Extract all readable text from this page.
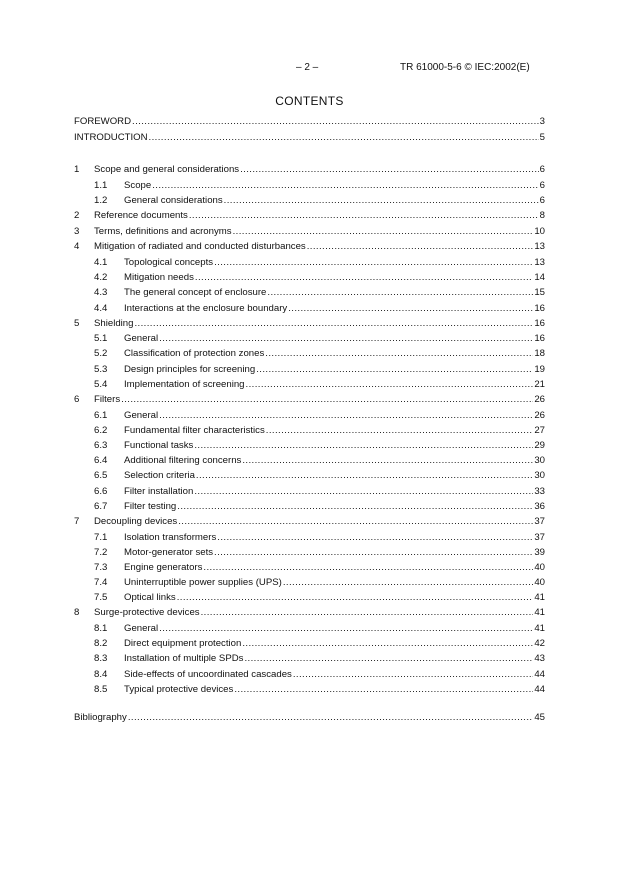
– 2 –	TR 61000-5-6 © IEC:2002(E)
CONTENTS
FOREWORD .....	3
INTRODUCTION .....	5
1	Scope and general considerations .....	6
1.1	Scope .....	6
1.2	General considerations .....	6
2	Reference documents .....	8
3	Terms, definitions and acronyms .....	10
4	Mitigation of radiated and conducted disturbances .....	13
4.1	Topological concepts .....	13
4.2	Mitigation needs .....	14
4.3	The general concept of enclosure .....	15
4.4	Interactions at the enclosure boundary .....	16
5	Shielding .....	16
5.1	General .....	16
5.2	Classification of protection zones .....	18
5.3	Design principles for screening .....	19
5.4	Implementation of screening .....	21
6	Filters .....	26
6.1	General .....	26
6.2	Fundamental filter characteristics .....	27
6.3	Functional tasks .....	29
6.4	Additional filtering concerns .....	30
6.5	Selection criteria .....	30
6.6	Filter installation .....	33
6.7	Filter testing .....	36
7	Decoupling devices .....	37
7.1	Isolation transformers .....	37
7.2	Motor-generator sets .....	39
7.3	Engine generators .....	40
7.4	Uninterruptible power supplies (UPS) .....	40
7.5	Optical links .....	41
8	Surge-protective devices .....	41
8.1	General .....	41
8.2	Direct equipment protection .....	42
8.3	Installation of multiple SPDs .....	43
8.4	Side-effects of uncoordinated cascades .....	44
8.5	Typical protective devices .....	44
Bibliography .....	45
